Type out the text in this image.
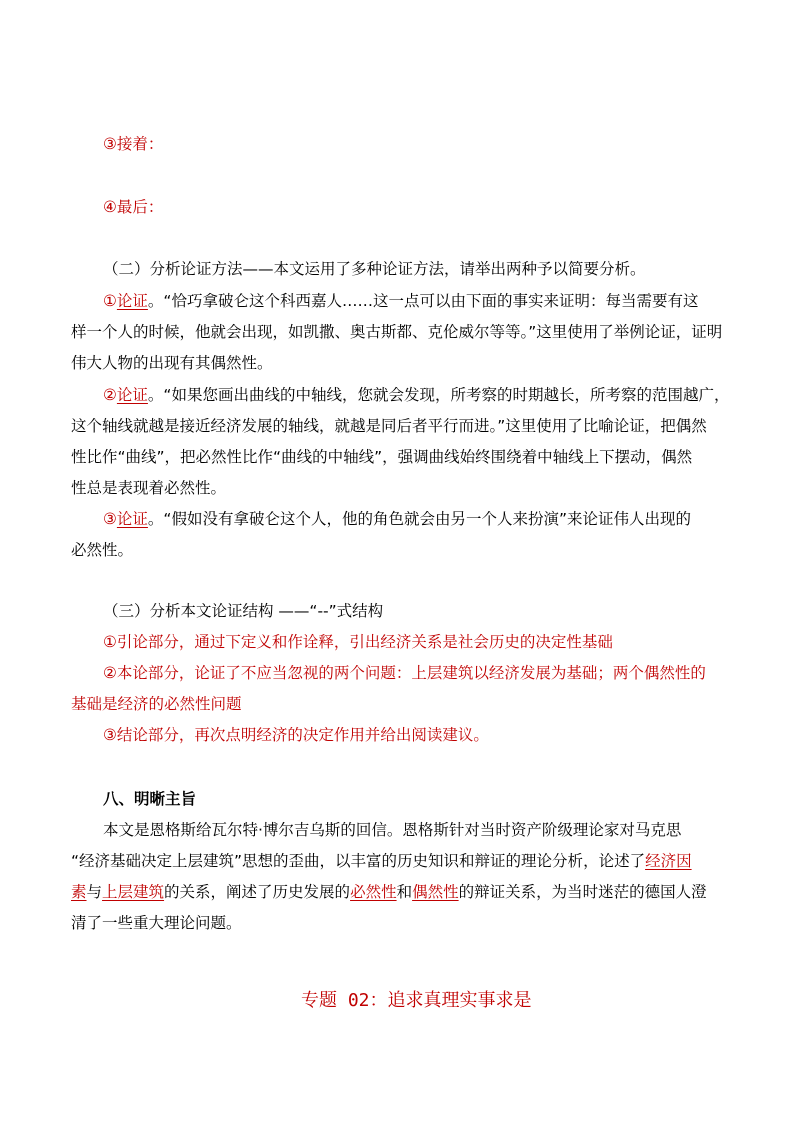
③接着：
④最后：
（二）分析论证方法——本文运用了多种论证方法，请举出两种予以简要分析。
①论证。“恰巧拿破仑这个科西嘉人……这一点可以由下面的事实来证明：每当需要有这
样一个人的时候，他就会出现，如凯撒、奥古斯都、克伦威尔等等。”这里使用了举例论证，证明
伟大人物的出现有其偶然性。
②论证。“如果您画出曲线的中轴线，您就会发现，所考察的时期越长，所考察的范围越广，
这个轴线就越是接近经济发展的轴线，就越是同后者平行而进。”这里使用了比喻论证，把偶然
性比作“曲线”，把必然性比作“曲线的中轴线”，强调曲线始终围绕着中轴线上下摆动，偶然
性总是表现着必然性。
③论证。“假如没有拿破仑这个人，他的角色就会由另一个人来扮演”来论证伟人出现的
必然性。
（三）分析本文论证结构 ——“--”式结构
①引论部分，通过下定义和作诠释，引出经济关系是社会历史的决定性基础
②本论部分，论证了不应当忽视的两个问题：上层建筑以经济发展为基础；两个偶然性的
基础是经济的必然性问题
③结论部分，再次点明经济的决定作用并给出阅读建议。
八、明晰主旨
本文是恩格斯给瓦尔特·博尔吉乌斯的回信。恩格斯针对当时资产阶级理论家对马克思
“经济基础决定上层建筑”思想的歪曲，以丰富的历史知识和辩证的理论分析，论述了经济因
素与上层建筑的关系，阐述了历史发展的必然性和偶然性的辩证关系，为当时迷茫的德国人澄
清了一些重大理论问题。
专题 02：追求真理实事求是
